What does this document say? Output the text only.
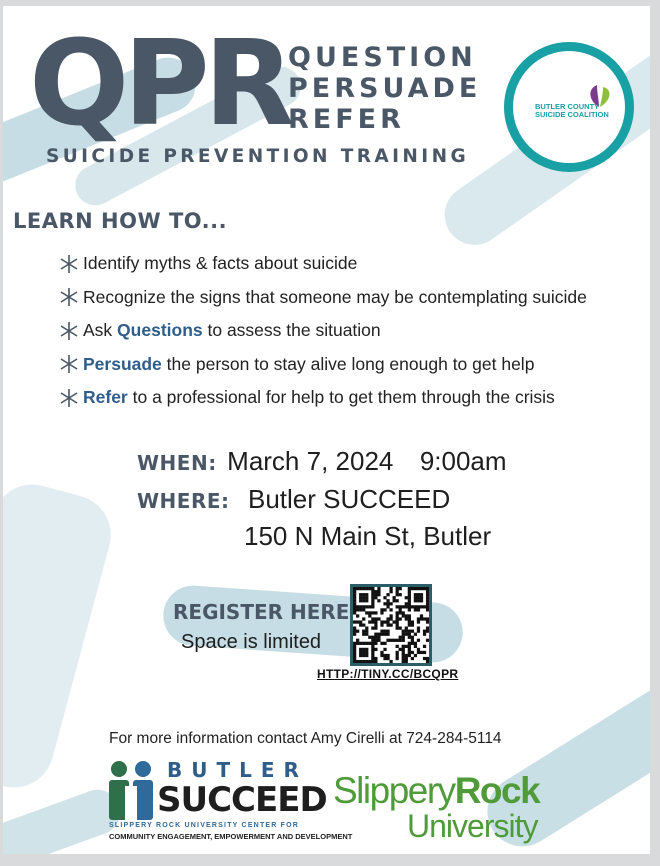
QPR QUESTION
PERSUADE
REFER
SUICIDE PREVENTION TRAINING
BUTLER COUNTY
SUICIDE COALITION
LEARN HOW TO...
Identify myths & facts about suicide
Recognize the signs that someone may be contemplating suicide
Ask Questions to assess the situation
Persuade the person to stay alive long enough to get help
Refer to a professional for help to get them through the crisis
WHEN: March 7, 2024 9:00am
WHERE: Butler SUCCEED
150 N Main St, Butler
REGISTER HERE
Space is limited
HTTP://TINY.CC/BCQPR
For more information contact Amy Cirelli at 724-284-5114
BUTLER
SUCCEED
SLIPPERY ROCK UNIVERSITY CENTER FOR
COMMUNITY ENGAGEMENT, EMPOWERMENT AND DEVELOPMENT
SlipperyRock
University
